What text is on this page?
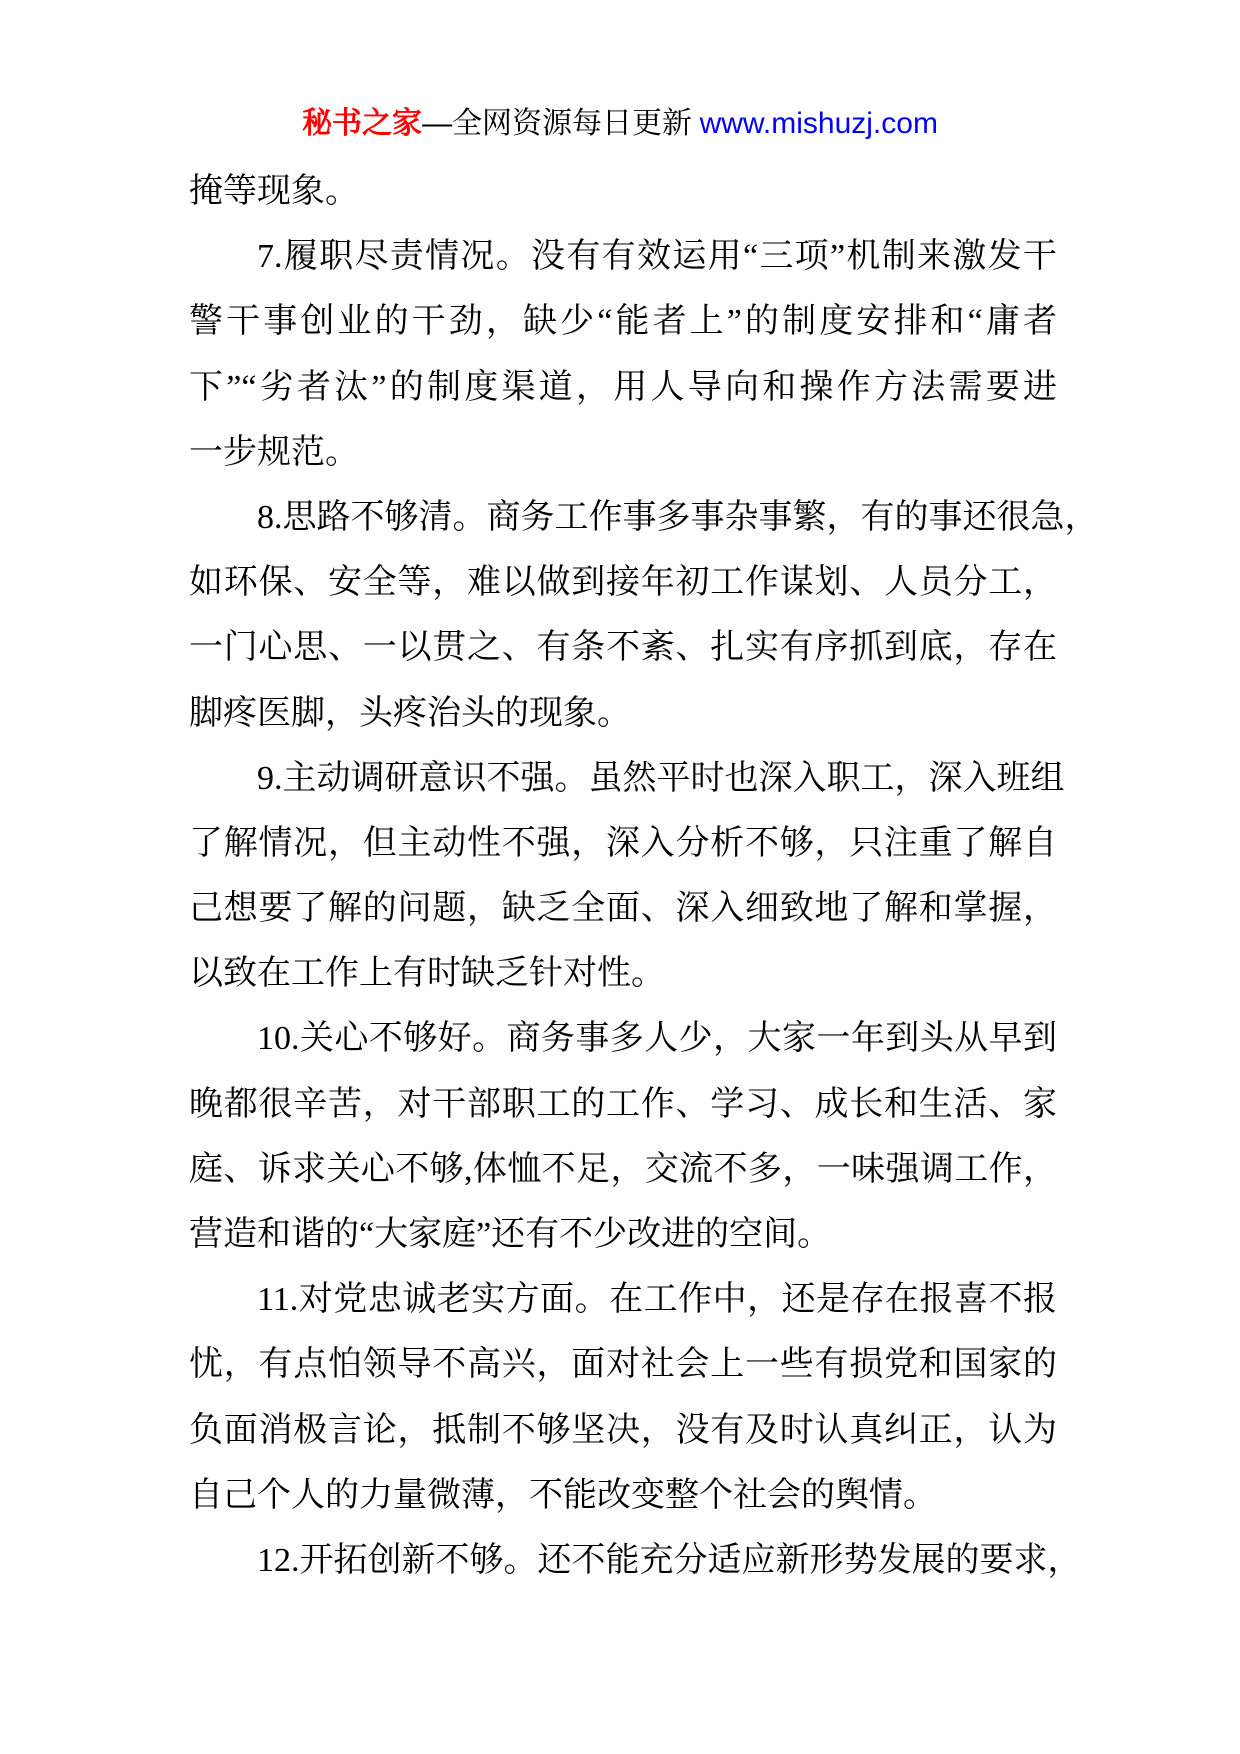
秘书之家—全网资源每日更新 www.mishuzj.com
掩等现象。
7.履职尽责情况。没有有效运用“三项”机制来激发干
警干事创业的干劲，缺少“能者上”的制度安排和“庸者
下”“劣者汰”的制度渠道，用人导向和操作方法需要进
一步规范。
8.思路不够清。商务工作事多事杂事繁，有的事还很急，
如环保、安全等，难以做到接年初工作谋划、人员分工，
一门心思、一以贯之、有条不紊、扎实有序抓到底，存在
脚疼医脚，头疼治头的现象。
9.主动调研意识不强。虽然平时也深入职工，深入班组
了解情况，但主动性不强，深入分析不够，只注重了解自
己想要了解的问题，缺乏全面、深入细致地了解和掌握，
以致在工作上有时缺乏针对性。
10.关心不够好。商务事多人少，大家一年到头从早到
晚都很辛苦，对干部职工的工作、学习、成长和生活、家
庭、诉求关心不够,体恤不足，交流不多，一味强调工作，
营造和谐的“大家庭”还有不少改进的空间。
11.对党忠诚老实方面。在工作中，还是存在报喜不报
忧，有点怕领导不高兴，面对社会上一些有损党和国家的
负面消极言论，抵制不够坚决，没有及时认真纠正，认为
自己个人的力量微薄，不能改变整个社会的舆情。
12.开拓创新不够。还不能充分适应新形势发展的要求，
